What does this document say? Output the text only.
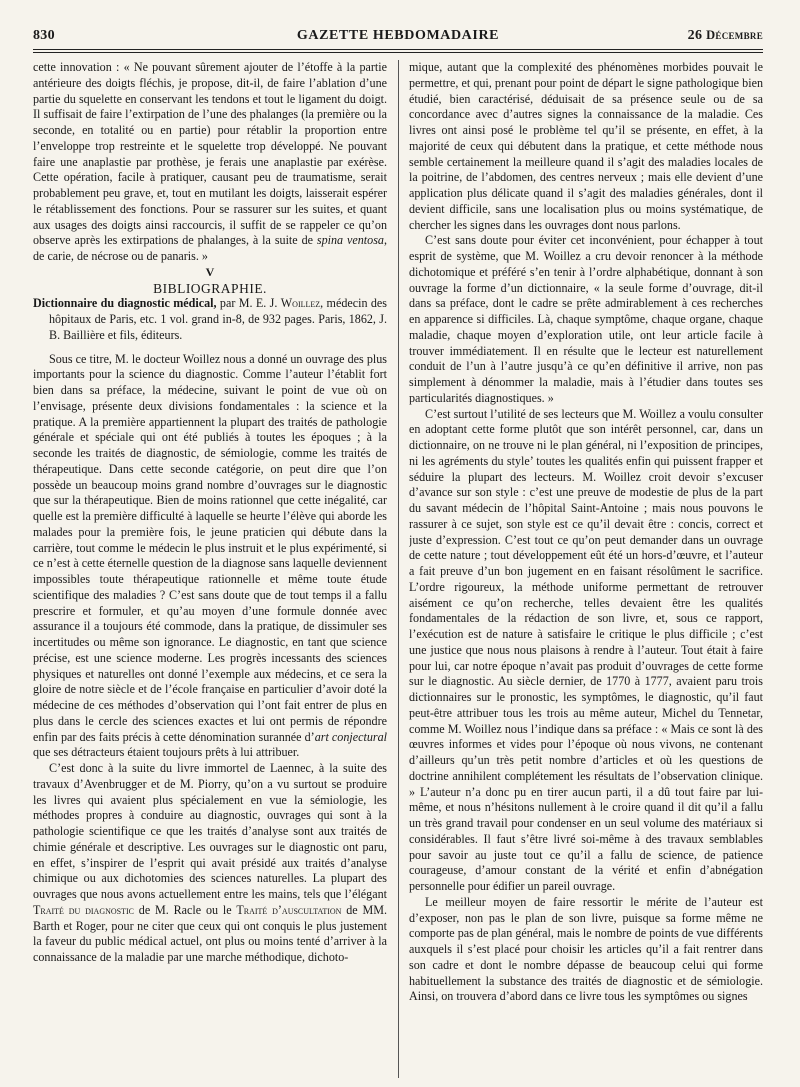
830	GAZETTE HEBDOMADAIRE	26 Décembre

cette innovation : « Ne pouvant sûrement ajouter de l’étoffe à la partie antérieure des doigts fléchis, je propose, dit-il, de faire l’ablation d’une partie du squelette en conservant les tendons et tout le ligament du doigt. Il suffisait de faire l’extirpation de l’une des phalanges (la première ou la seconde, en totalité ou en partie) pour rétablir la proportion entre l’enveloppe trop restreinte et le squelette trop développé. Ne pouvant faire une anaplastie par prothèse, je ferais une anaplastie par exérèse. Cette opération, facile à pratiquer, causant peu de traumatisme, serait probablement peu grave, et, tout en mutilant les doigts, laisserait espérer le rétablissement des fonctions. Pour se rassurer sur les suites, et quant aux usages des doigts ainsi raccourcis, il suffit de se rappeler ce qu’on observe après les extirpations de phalanges, à la suite de spina ventosa, de carie, de nécrose ou de panaris. »

V

BIBLIOGRAPHIE.

Dictionnaire du diagnostic médical, par M. E. J. Woillez, médecin des hôpitaux de Paris, etc. 1 vol. grand in-8, de 932 pages. Paris, 1862, J. B. Baillière et fils, éditeurs.

Sous ce titre, M. le docteur Woillez nous a donné un ouvrage des plus importants pour la science du diagnostic. Comme l’auteur l’établit fort bien dans sa préface, la médecine, suivant le point de vue où on l’envisage, présente deux divisions fondamentales : la science et la pratique. A la première appartiennent la plupart des traités de pathologie générale et spéciale qui ont été publiés à toutes les époques ; à la seconde les traités de diagnostic, de sémiologie, comme les traités de thérapeutique. Dans cette seconde catégorie, on peut dire que l’on possède un beaucoup moins grand nombre d’ouvrages sur le diagnostic que sur la thérapeutique. Bien de moins rationnel que cette inégalité, car quelle est la première difficulté à laquelle se heurte l’élève qui aborde les malades pour la première fois, le jeune praticien qui débute dans la carrière, tout comme le médecin le plus instruit et le plus expérimenté, si ce n’est à cette éternelle question de la diagnose sans laquelle deviennent impossibles toute thérapeutique rationnelle et même toute étude scientifique des maladies ? C’est sans doute que de tout temps il a fallu prescrire et formuler, et qu’au moyen d’une formule donnée avec assurance il a toujours été commode, dans la pratique, de dissimuler ses incertitudes ou même son ignorance. Le diagnostic, en tant que science précise, est une science moderne. Les progrès incessants des sciences physiques et naturelles ont donné l’exemple aux médecins, et ce sera la gloire de notre siècle et de l’école française en particulier d’avoir doté la médecine de ces méthodes d’observation qui l’ont fait entrer de plus en plus dans le cercle des sciences exactes et lui ont permis de répondre enfin par des faits précis à cette dénomination surannée d’art conjectural que ses détracteurs étaient toujours prêts à lui attribuer.

C’est donc à la suite du livre immortel de Laennec, à la suite des travaux d’Avenbrugger et de M. Piorry, qu’on a vu surtout se produire les livres qui avaient plus spécialement en vue la sémiologie, les méthodes propres à conduire au diagnostic, ouvrages qui sont à la pathologie scientifique ce que les traités d’analyse sont aux traités de chimie générale et descriptive. Les ouvrages sur le diagnostic ont paru, en effet, s’inspirer de l’esprit qui avait présidé aux traités d’analyse chimique ou aux dichotomies des sciences naturelles. La plupart des ouvrages que nous avons actuellement entre les mains, tels que l’élégant Traité du diagnostic de M. Racle ou le Traité d’auscultation de MM. Barth et Roger, pour ne citer que ceux qui ont conquis le plus justement la faveur du public médical actuel, ont plus ou moins tenté d’arriver à la connaissance de la maladie par une marche méthodique, dichoto-

mique, autant que la complexité des phénomènes morbides pouvait le permettre, et qui, prenant pour point de départ le signe pathologique bien étudié, bien caractérisé, déduisait de sa présence seule ou de sa concordance avec d’autres signes la connaissance de la maladie. Ces livres ont ainsi posé le problème tel qu’il se présente, en effet, à la majorité de ceux qui débutent dans la pratique, et cette méthode nous semble certainement la meilleure quand il s’agit des maladies locales de la poitrine, de l’abdomen, des centres nerveux ; mais elle devient d’une application plus délicate quand il s’agit des maladies générales, dont il devient difficile, sans une localisation plus ou moins systématique, de chercher les signes dans les ouvrages dont nous parlons.

C’est sans doute pour éviter cet inconvénient, pour échapper à tout esprit de système, que M. Woillez a cru devoir renoncer à la méthode dichotomique et préféré s’en tenir à l’ordre alphabétique, donnant à son ouvrage la forme d’un dictionnaire, « la seule forme d’ouvrage, dit-il dans sa préface, dont le cadre se prête admirablement à ces recherches en apparence si difficiles. Là, chaque symptôme, chaque organe, chaque maladie, chaque moyen d’exploration utile, ont leur article facile à trouver immédiatement. Il en résulte que le lecteur est naturellement conduit de l’un à l’autre jusqu’à ce qu’en définitive il arrive, non pas simplement à dénommer la maladie, mais à l’étudier dans toutes ses particularités diagnostiques. »

C’est surtout l’utilité de ses lecteurs que M. Woillez a voulu consulter en adoptant cette forme plutôt que son intérêt personnel, car, dans un dictionnaire, on ne trouve ni le plan général, ni l’exposition de principes, ni les agréments du style’ toutes les qualités enfin qui puissent frapper et séduire la plupart des lecteurs. M. Woillez croit devoir s’excuser d’avance sur son style : c’est une preuve de modestie de plus de la part du savant médecin de l’hôpital Saint-Antoine ; mais nous pouvons le rassurer à ce sujet, son style est ce qu’il devait être : concis, correct et juste d’expression. C’est tout ce qu’on peut demander dans un ouvrage de cette nature ; tout développement eût été un hors-d’œuvre, et l’auteur a fait preuve d’un bon jugement en en faisant résolûment le sacrifice. L’ordre rigoureux, la méthode uniforme permettant de retrouver aisément ce qu’on recherche, telles devaient être les qualités fondamentales de la rédaction de son livre, et, sous ce rapport, l’exécution est de nature à satisfaire le critique le plus difficile ; c’est une justice que nous nous plaisons à rendre à l’auteur. Tout était à faire pour lui, car notre époque n’avait pas produit d’ouvrages de cette forme sur le diagnostic. Au siècle dernier, de 1770 à 1777, avaient paru trois dictionnaires sur le pronostic, les symptômes, le diagnostic, qu’il faut peut-être attribuer tous les trois au même auteur, Michel du Tennetar, comme M. Woillez nous l’indique dans sa préface : « Mais ce sont là des œuvres informes et vides pour l’époque où nous vivons, ne contenant d’ailleurs qu’un très petit nombre d’articles et où les questions de doctrine annihilent complétement les résultats de l’observation clinique. » L’auteur n’a donc pu en tirer aucun parti, il a dû tout faire par lui-même, et nous n’hésitons nullement à le croire quand il dit qu’il a fallu un très grand travail pour condenser en un seul volume des matériaux si considérables. Il faut s’être livré soi-même à des travaux semblables pour savoir au juste tout ce qu’il a fallu de science, de patience courageuse, d’amour constant de la vérité et enfin d’abnégation personnelle pour édifier un pareil ouvrage.

Le meilleur moyen de faire ressortir le mérite de l’auteur est d’exposer, non pas le plan de son livre, puisque sa forme même ne comporte pas de plan général, mais le nombre de points de vue différents auxquels il s’est placé pour choisir les articles qu’il a fait rentrer dans son cadre et dont le nombre dépasse de beaucoup celui qui forme habituellement la substance des traités de diagnostic et de sémiologie. Ainsi, on trouvera d’abord dans ce livre tous les symptômes ou signes
